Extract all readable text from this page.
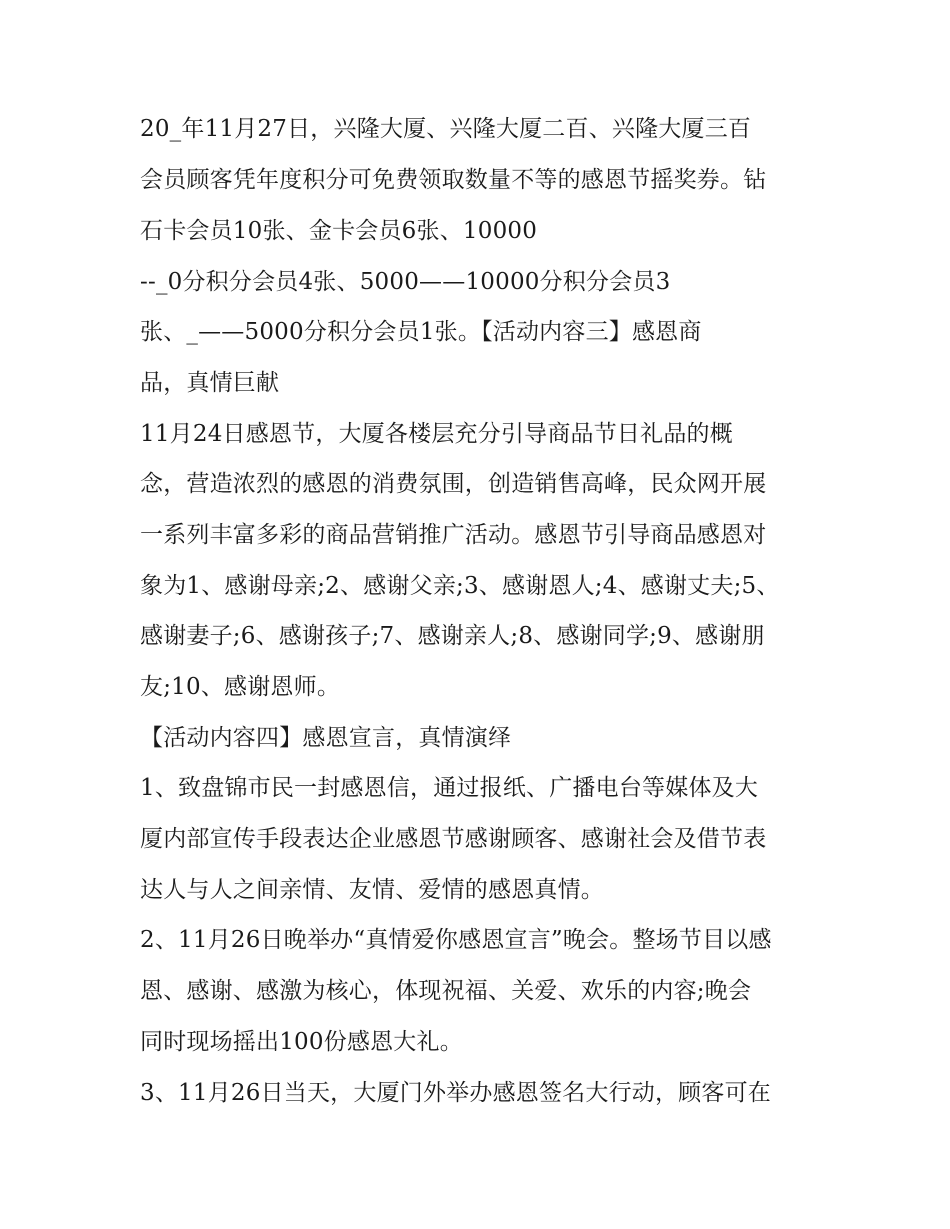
20_年11月27日，兴隆大厦、兴隆大厦二百、兴隆大厦三百
会员顾客凭年度积分可免费领取数量不等的感恩节摇奖券。钻
石卡会员10张、金卡会员6张、10000
--_0分积分会员4张、5000——10000分积分会员3
张、_——5000分积分会员1张。【活动内容三】感恩商
品，真情巨献
11月24日感恩节，大厦各楼层充分引导商品节日礼品的概
念，营造浓烈的感恩的消费氛围，创造销售高峰，民众网开展
一系列丰富多彩的商品营销推广活动。感恩节引导商品感恩对
象为1、感谢母亲;2、感谢父亲;3、感谢恩人;4、感谢丈夫;5、
感谢妻子;6、感谢孩子;7、感谢亲人;8、感谢同学;9、感谢朋
友;10、感谢恩师。
【活动内容四】感恩宣言，真情演绎
1、致盘锦市民一封感恩信，通过报纸、广播电台等媒体及大
厦内部宣传手段表达企业感恩节感谢顾客、感谢社会及借节表
达人与人之间亲情、友情、爱情的感恩真情。
2、11月26日晚举办“真情爱你感恩宣言”晚会。整场节目以感
恩、感谢、感激为核心，体现祝福、关爱、欢乐的内容;晚会
同时现场摇出100份感恩大礼。
3、11月26日当天，大厦门外举办感恩签名大行动，顾客可在
